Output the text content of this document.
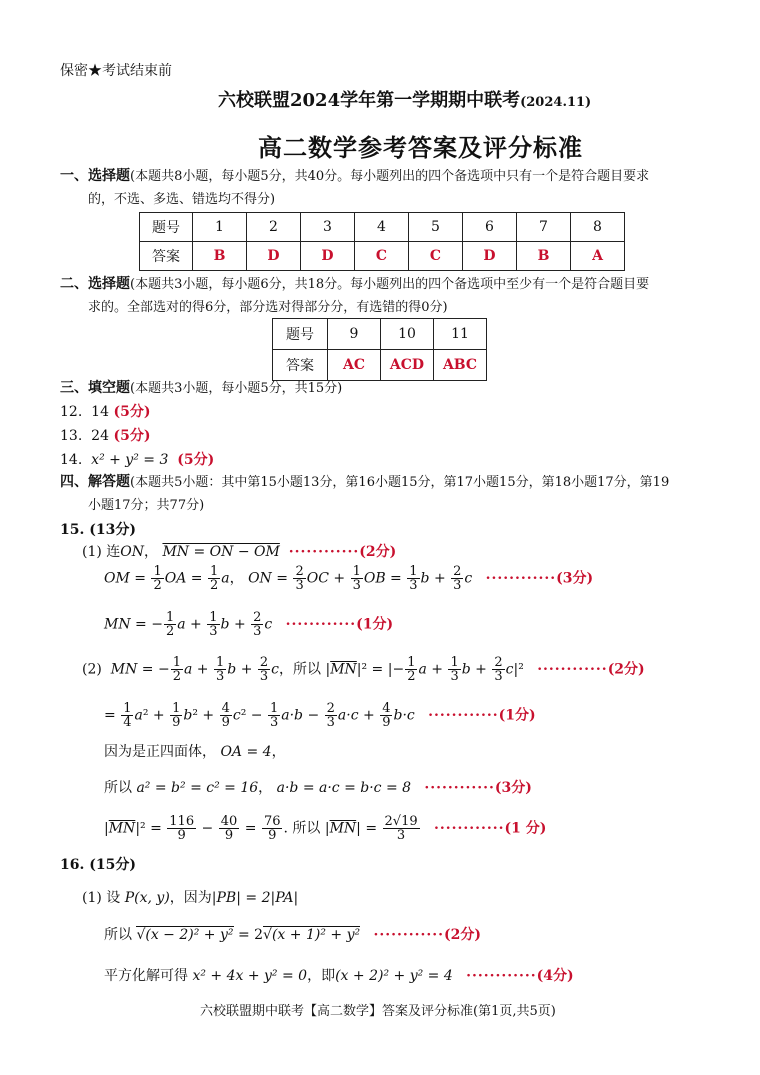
保密★考试结束前
六校联盟2024学年第一学期期中联考(2024.11)
高二数学参考答案及评分标准
一、选择题(本题共8小题，每小题5分，共40分。每小题列出的四个备选项中只有一个是符合题目要求
的，不选、多选、错选均不得分)
题号	1	2	3	4	5	6	7	8
答案	B	D	D	C	C	D	B	A
二、选择题(本题共3小题，每小题6分，共18分。每小题列出的四个备选项中至少有一个是符合题目要
求的。全部选对的得6分，部分选对得部分分，有选错的得0分)
题号	9	10	11
答案	AC	ACD	ABC
三、填空题(本题共3小题，每小题5分，共15分)
12. 14 (5分)
13. 24 (5分)
14. x² + y² = 3 (5分)
四、解答题(本题共5小题：其中第15小题13分，第16小题15分，第17小题15分，第18小题17分，第19
小题17分；共77分)
15. (13分)
(1) 连ON， MN = ON − OM ············(2分)
OM = $\frac{1}{2}$ OA = $\frac{1}{2}$ a， ON = $\frac{2}{3}$ OC + $\frac{1}{3}$ OB = $\frac{1}{3}$ $b + \frac{2}{3}$ c ············(3分)
MN = − $\frac{1}{2}$ $a + \frac{1}{3}$ $b + \frac{2}{3}$ c ············(1分)
(2) MN = − $\frac{1}{2}$ $a + \frac{1}{3}$ $b + \frac{2}{3}$ c，所以 $|\overline{MN}|^2$ = |− $\frac{1}{2}$ $a + \frac{1}{3}$ $b + \frac{2}{3} c|^2 \cdot\cdot\cdot\cdot\cdot\cdot\cdot\cdot\cdot\cdot\cdot\cdot(2$分)
= $\frac{1}{4} a^2 + \frac{1}{9} b^2 + \frac{4}{9} c^2 - \frac{1}{3} a\cdot b - \frac{2}{3} a\cdot c + \frac{4}{9} b\cdot c \cdot\cdot\cdot\cdot\cdot\cdot\cdot\cdot\cdot\cdot\cdot\cdot(1$分)
因为是正四面体， OA = 4，
所以 a² = b² = c² = 16， a·b = a·c = b·c = 8 ············(3分)
$|\overline{MN}|^2 = \frac{116}{9} - \frac{40}{9} = \frac{76}{9}$ . 所以 $|\overline{MN}| = \frac{2√19}{3} \cdot\cdot\cdot\cdot\cdot\cdot\cdot\cdot\cdot\cdot\cdot\cdot(1$ 分)
16. (15分)
(1) 设 P(x, y)，因为|PB| = 2|PA|
所以 √(x − 2)² + y² = 2√(x + 1)² + y² ············(2分)
平方化解可得 x² + 4x + y² = 0，即(x + 2)² + y² = 4 ············(4分)
六校联盟期中联考【高二数学】答案及评分标准(第1页,共5页)
